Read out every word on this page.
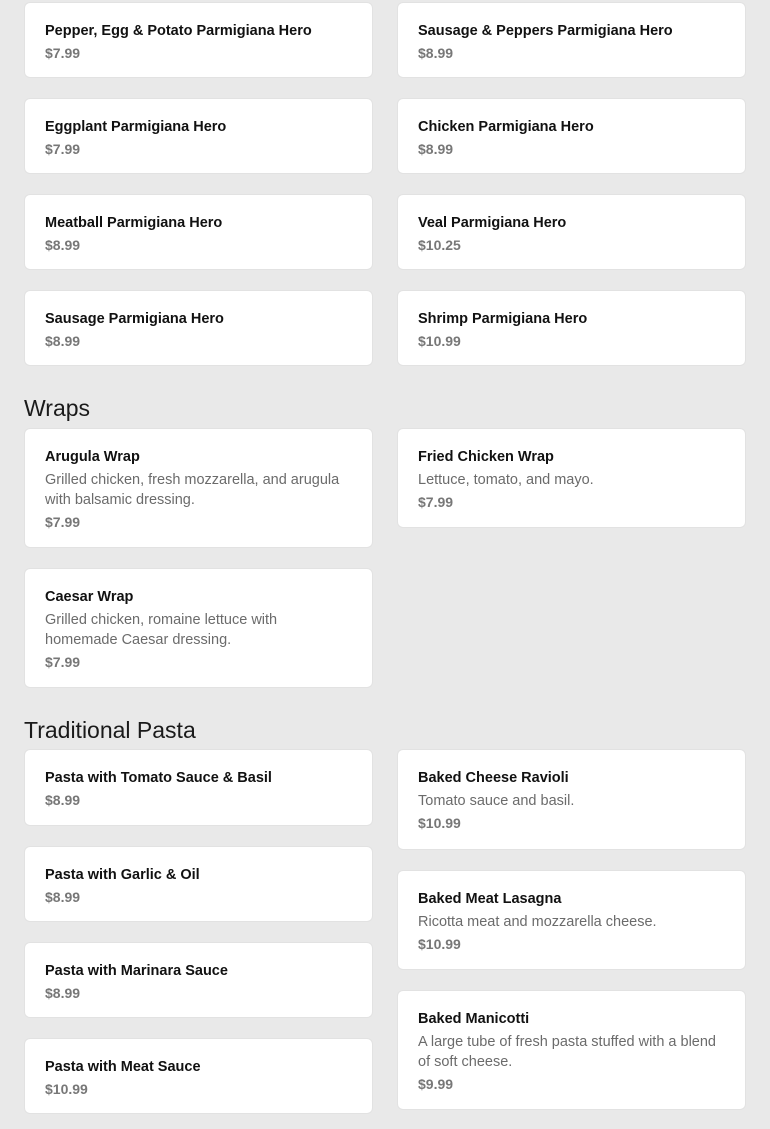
Pepper, Egg & Potato Parmigiana Hero
$7.99
Sausage & Peppers Parmigiana Hero
$8.99
Eggplant Parmigiana Hero
$7.99
Chicken Parmigiana Hero
$8.99
Meatball Parmigiana Hero
$8.99
Veal Parmigiana Hero
$10.25
Sausage Parmigiana Hero
$8.99
Shrimp Parmigiana Hero
$10.99
Wraps
Arugula Wrap
Grilled chicken, fresh mozzarella, and arugula with balsamic dressing.
$7.99
Fried Chicken Wrap
Lettuce, tomato, and mayo.
$7.99
Caesar Wrap
Grilled chicken, romaine lettuce with homemade Caesar dressing.
$7.99
Traditional Pasta
Pasta with Tomato Sauce & Basil
$8.99
Baked Cheese Ravioli
Tomato sauce and basil.
$10.99
Pasta with Garlic & Oil
$8.99	Baked Meat Lasagna
Ricotta meat and mozzarella cheese.
$10.99
Pasta with Marinara Sauce
$8.99
Baked Manicotti
A large tube of fresh pasta stuffed with a blend of soft cheese.
$9.99
Pasta with Meat Sauce
$10.99
